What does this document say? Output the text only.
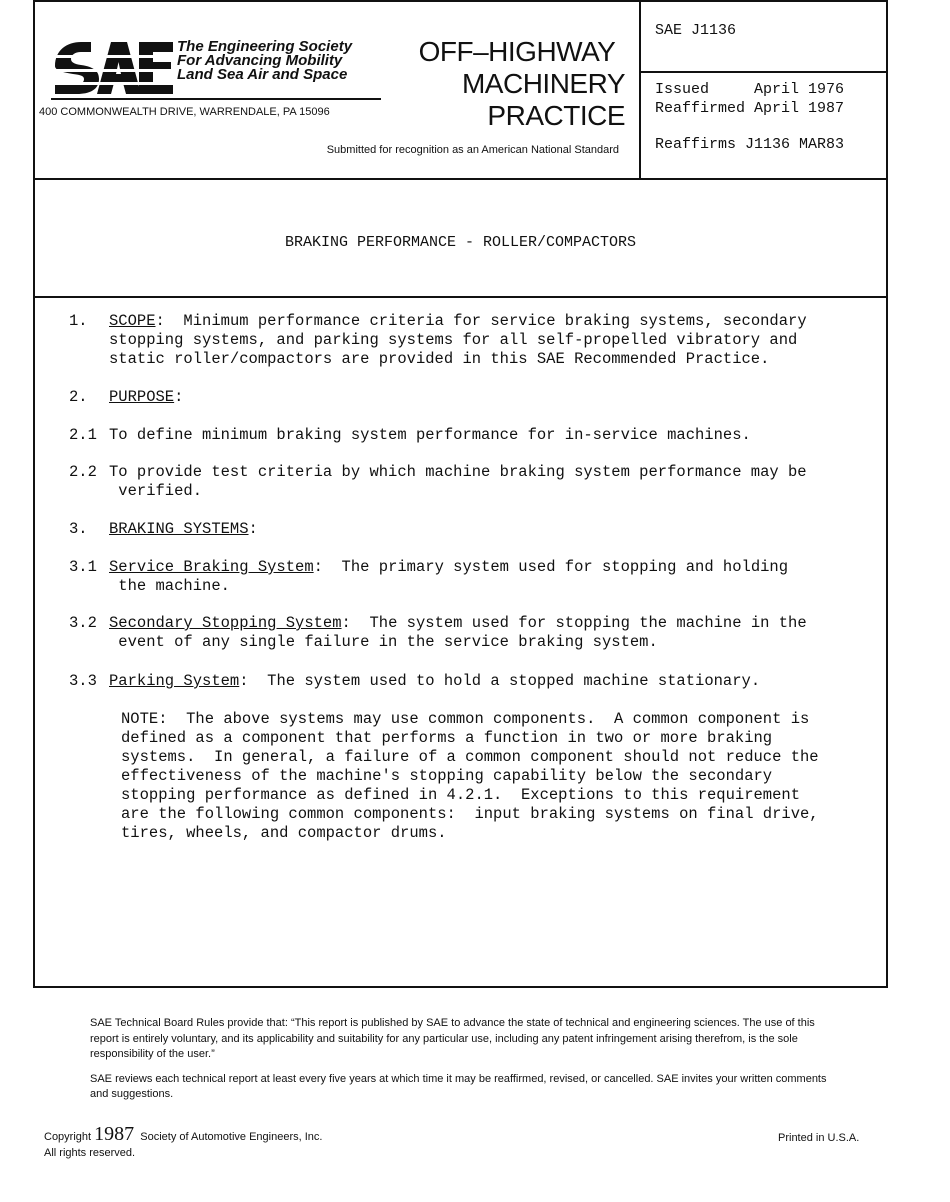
The Engineering Society
For Advancing Mobility
Land Sea Air and Space
400 COMMONWEALTH DRIVE, WARRENDALE, PA 15096
OFF–HIGHWAY
MACHINERY
PRACTICE
Submitted for recognition as an American National Standard
SAE J1136
Issued     April 1976
Reaffirmed April 1987
Reaffirms J1136 MAR83
BRAKING PERFORMANCE - ROLLER/COMPACTORS
1. SCOPE:  Minimum performance criteria for service braking systems, secondary
stopping systems, and parking systems for all self-propelled vibratory and
static roller/compactors are provided in this SAE Recommended Practice.
2. PURPOSE:
2.1 To define minimum braking system performance for in-service machines.
2.2 To provide test criteria by which machine braking system performance may be
verified.
3. BRAKING SYSTEMS:
3.1 Service Braking System:  The primary system used for stopping and holding
the machine.
3.2 Secondary Stopping System:  The system used for stopping the machine in the
event of any single failure in the service braking system.
3.3 Parking System:  The system used to hold a stopped machine stationary.
NOTE:  The above systems may use common components.  A common component is
defined as a component that performs a function in two or more braking
systems.  In general, a failure of a common component should not reduce the
effectiveness of the machine's stopping capability below the secondary
stopping performance as defined in 4.2.1.  Exceptions to this requirement
are the following common components:  input braking systems on final drive,
tires, wheels, and compactor drums.

SAE Technical Board Rules provide that: “This report is published by SAE to advance the state of technical and engineering sciences. The use of this report is entirely voluntary, and its applicability and suitability for any particular use, including any patent infringement arising therefrom, is the sole responsibility of the user.”

SAE reviews each technical report at least every five years at which time it may be reaffirmed, revised, or cancelled. SAE invites your written comments and suggestions.

Copyright 1987 Society of Automotive Engineers, Inc.
All rights reserved.
Printed in U.S.A.
